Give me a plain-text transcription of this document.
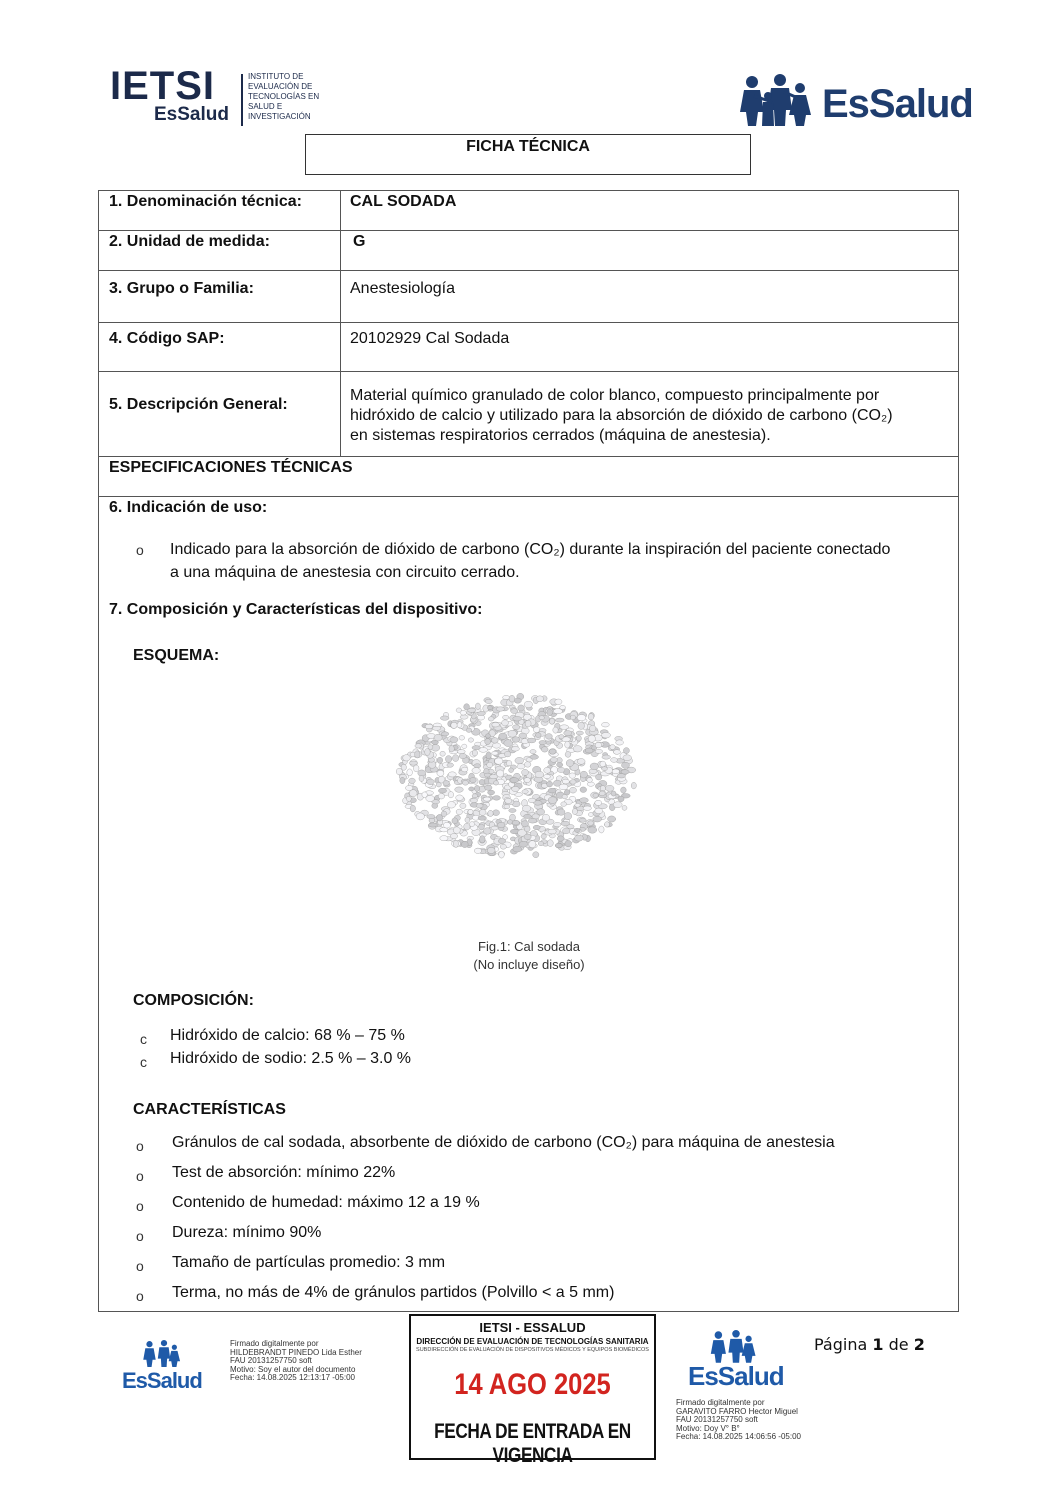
IETSI
EsSalud
INSTITUTO DE
EVALUACIÓN DE
TECNOLOGÍAS EN
SALUD E
INVESTIGACIÓN	EsSalud
FICHA TÉCNICA
1. Denominación técnica:	CAL SODADA
2. Unidad de medida:	G
3. Grupo o Familia:	Anestesiología
4. Código SAP:	20102929 Cal Sodada
5. Descripción General:
Material químico granulado de color blanco, compuesto principalmente por
hidróxido de calcio y utilizado para la absorción de dióxido de carbono (CO₂)
en sistemas respiratorios cerrados (máquina de anestesia).
ESPECIFICACIONES TÉCNICAS
6. Indicación de uso:
o Indicado para la absorción de dióxido de carbono (CO₂) durante la inspiración del paciente conectado
a una máquina de anestesia con circuito cerrado.
7. Composición y Características del dispositivo:
ESQUEMA:
Fig.1: Cal sodada
(No incluye diseño)
COMPOSICIÓN:
c Hidróxido de calcio: 68 % – 75 %
c Hidróxido de sodio: 2.5 % – 3.0 %
CARACTERÍSTICAS
o Gránulos de cal sodada, absorbente de dióxido de carbono (CO₂) para máquina de anestesia
o Test de absorción: mínimo 22%
o Contenido de humedad: máximo 12 a 19 %
o Dureza: mínimo 90%
o Tamaño de partículas promedio: 3 mm
o Terma, no más de 4% de gránulos partidos (Polvillo < a 5 mm)
EsSalud
Firmado digitalmente por
HILDEBRANDT PINEDO Lida Esther
FAU 20131257750 soft
Motivo: Soy el autor del documento
Fecha: 14.08.2025 12:13:17 -05:00
IETSI - ESSALUD
DIRECCIÓN DE EVALUACIÓN DE TECNOLOGÍAS SANITARIA
SUBDIRECCIÓN DE EVALUACIÓN DE DISPOSITIVOS MÉDICOS Y EQUIPOS BIOMÉDICOS
14 AGO 2025
FECHA DE ENTRADA EN VIGENCIA
EsSalud
Firmado digitalmente por
GARAVITO FARRO Hector Miguel
FAU 20131257750 soft
Motivo: Doy V° B°
Fecha: 14.08.2025 14:06:56 -05:00
Página 1 de 2
